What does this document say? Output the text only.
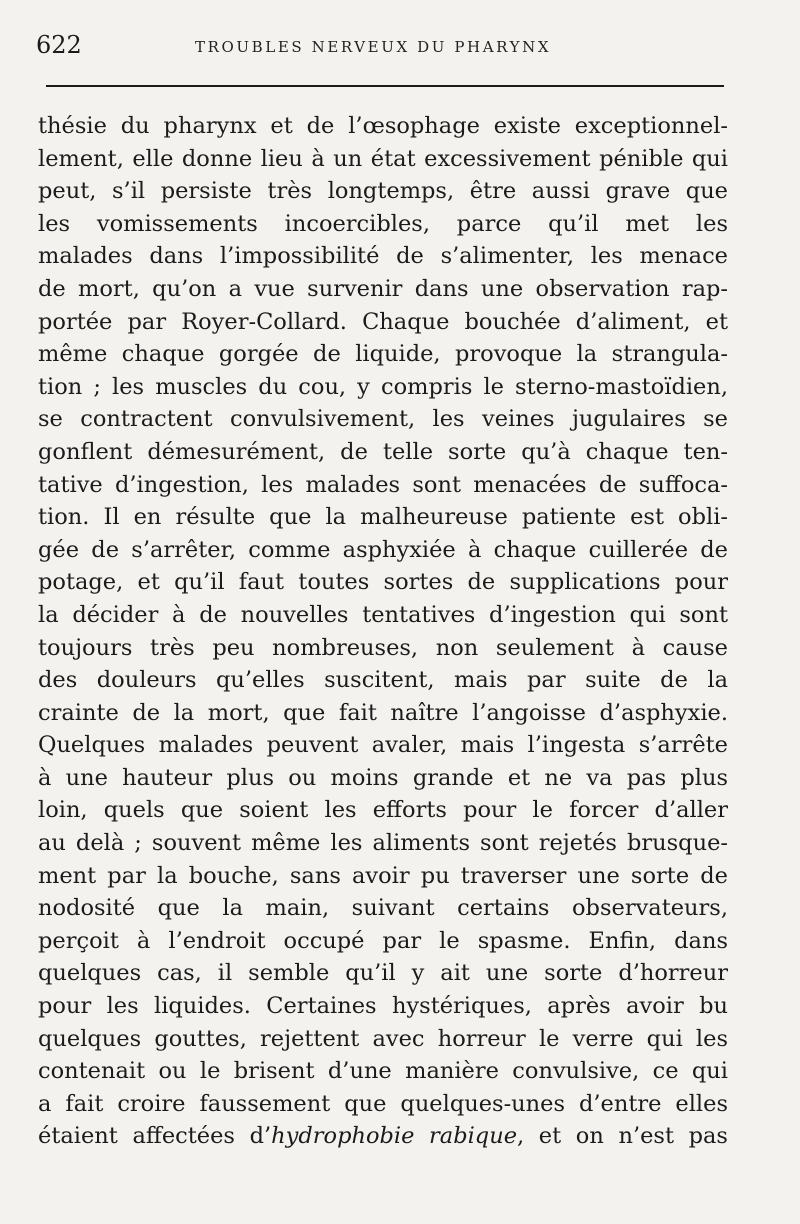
622	TROUBLES NERVEUX DU PHARYNX
thésie du pharynx et de l’œsophage existe exceptionnel-
lement, elle donne lieu à un état excessivement pénible qui
peut, s’il persiste très longtemps, être aussi grave que
les vomissements incoercibles, parce qu’il met les
malades dans l’impossibilité de s’alimenter, les menace
de mort, qu’on a vue survenir dans une observation rap-
portée par Royer-Collard. Chaque bouchée d’aliment, et
même chaque gorgée de liquide, provoque la strangula-
tion ; les muscles du cou, y compris le sterno-mastoïdien,
se contractent convulsivement, les veines jugulaires se
gonflent démesurément, de telle sorte qu’à chaque ten-
tative d’ingestion, les malades sont menacées de suffoca-
tion. Il en résulte que la malheureuse patiente est obli-
gée de s’arrêter, comme asphyxiée à chaque cuillerée de
potage, et qu’il faut toutes sortes de supplications pour
la décider à de nouvelles tentatives d’ingestion qui sont
toujours très peu nombreuses, non seulement à cause
des douleurs qu’elles suscitent, mais par suite de la
crainte de la mort, que fait naître l’angoisse d’asphyxie.
Quelques malades peuvent avaler, mais l’ingesta s’arrête
à une hauteur plus ou moins grande et ne va pas plus
loin, quels que soient les efforts pour le forcer d’aller
au delà ; souvent même les aliments sont rejetés brusque-
ment par la bouche, sans avoir pu traverser une sorte de
nodosité que la main, suivant certains observateurs,
perçoit à l’endroit occupé par le spasme. Enfin, dans
quelques cas, il semble qu’il y ait une sorte d’horreur
pour les liquides. Certaines hystériques, après avoir bu
quelques gouttes, rejettent avec horreur le verre qui les
contenait ou le brisent d’une manière convulsive, ce qui
a fait croire faussement que quelques-unes d’entre elles
étaient affectées d’hydrophobie rabique, et on n’est pas
